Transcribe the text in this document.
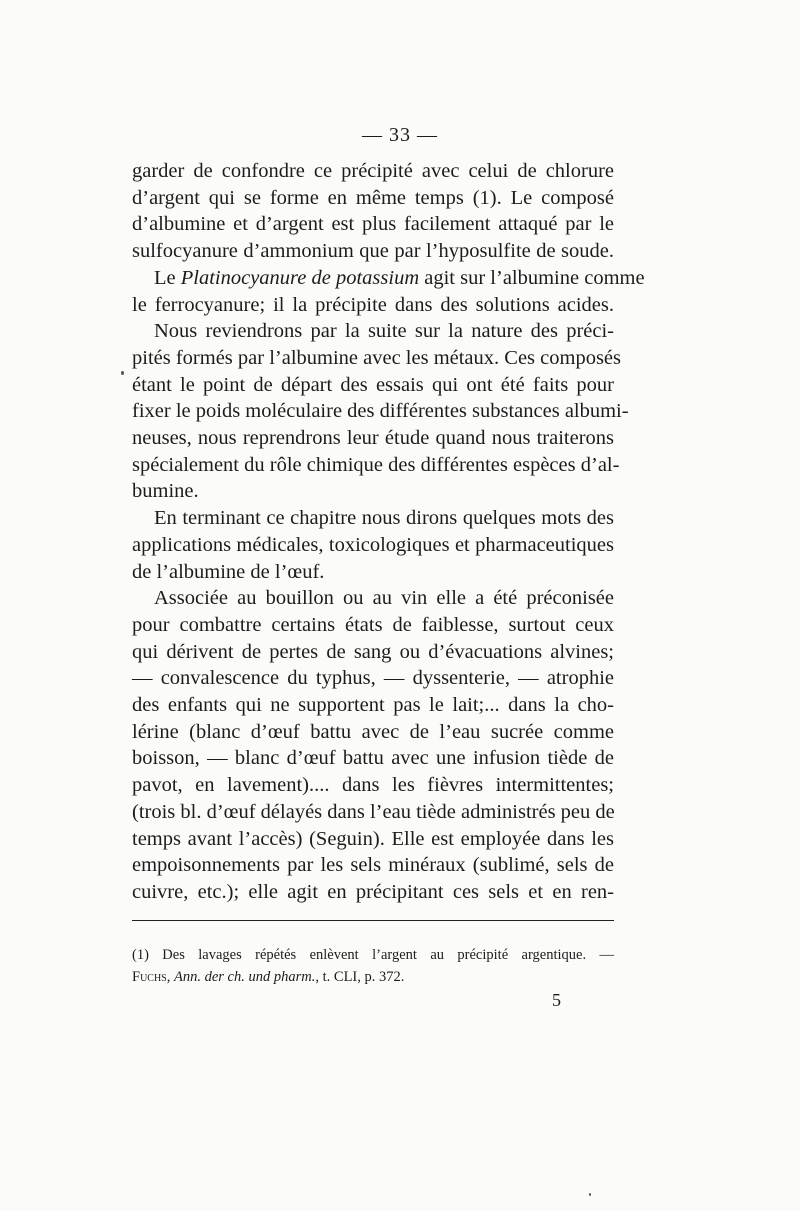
— 33 —
garder de confondre ce précipité avec celui de chlorure
d’argent qui se forme en même temps (1). Le composé
d’albumine et d’argent est plus facilement attaqué par le
sulfocyanure d’ammonium que par l’hyposulfite de soude.
Le Platinocyanure de potassium agit sur l’albumine comme
le ferrocyanure; il la précipite dans des solutions acides.
Nous reviendrons par la suite sur la nature des préci-
pités formés par l’albumine avec les métaux. Ces composés
étant le point de départ des essais qui ont été faits pour
fixer le poids moléculaire des différentes substances albumi-
neuses, nous reprendrons leur étude quand nous traiterons
spécialement du rôle chimique des différentes espèces d’al-
bumine.
En terminant ce chapitre nous dirons quelques mots des
applications médicales, toxicologiques et pharmaceutiques
de l’albumine de l’œuf.
Associée au bouillon ou au vin elle a été préconisée
pour combattre certains états de faiblesse, surtout ceux
qui dérivent de pertes de sang ou d’évacuations alvines;
— convalescence du typhus, — dyssenterie, — atrophie
des enfants qui ne supportent pas le lait;... dans la cho-
lérine (blanc d’œuf battu avec de l’eau sucrée comme
boisson, — blanc d’œuf battu avec une infusion tiède de
pavot, en lavement).... dans les fièvres intermittentes;
(trois bl. d’œuf délayés dans l’eau tiède administrés peu de
temps avant l’accès) (Seguin). Elle est employée dans les
empoisonnements par les sels minéraux (sublimé, sels de
cuivre, etc.); elle agit en précipitant ces sels et en ren-
(1) Des lavages répétés enlèvent l’argent au précipité argentique. —
Fuchs, Ann. der ch. und pharm., t. CLI, p. 372.
5
